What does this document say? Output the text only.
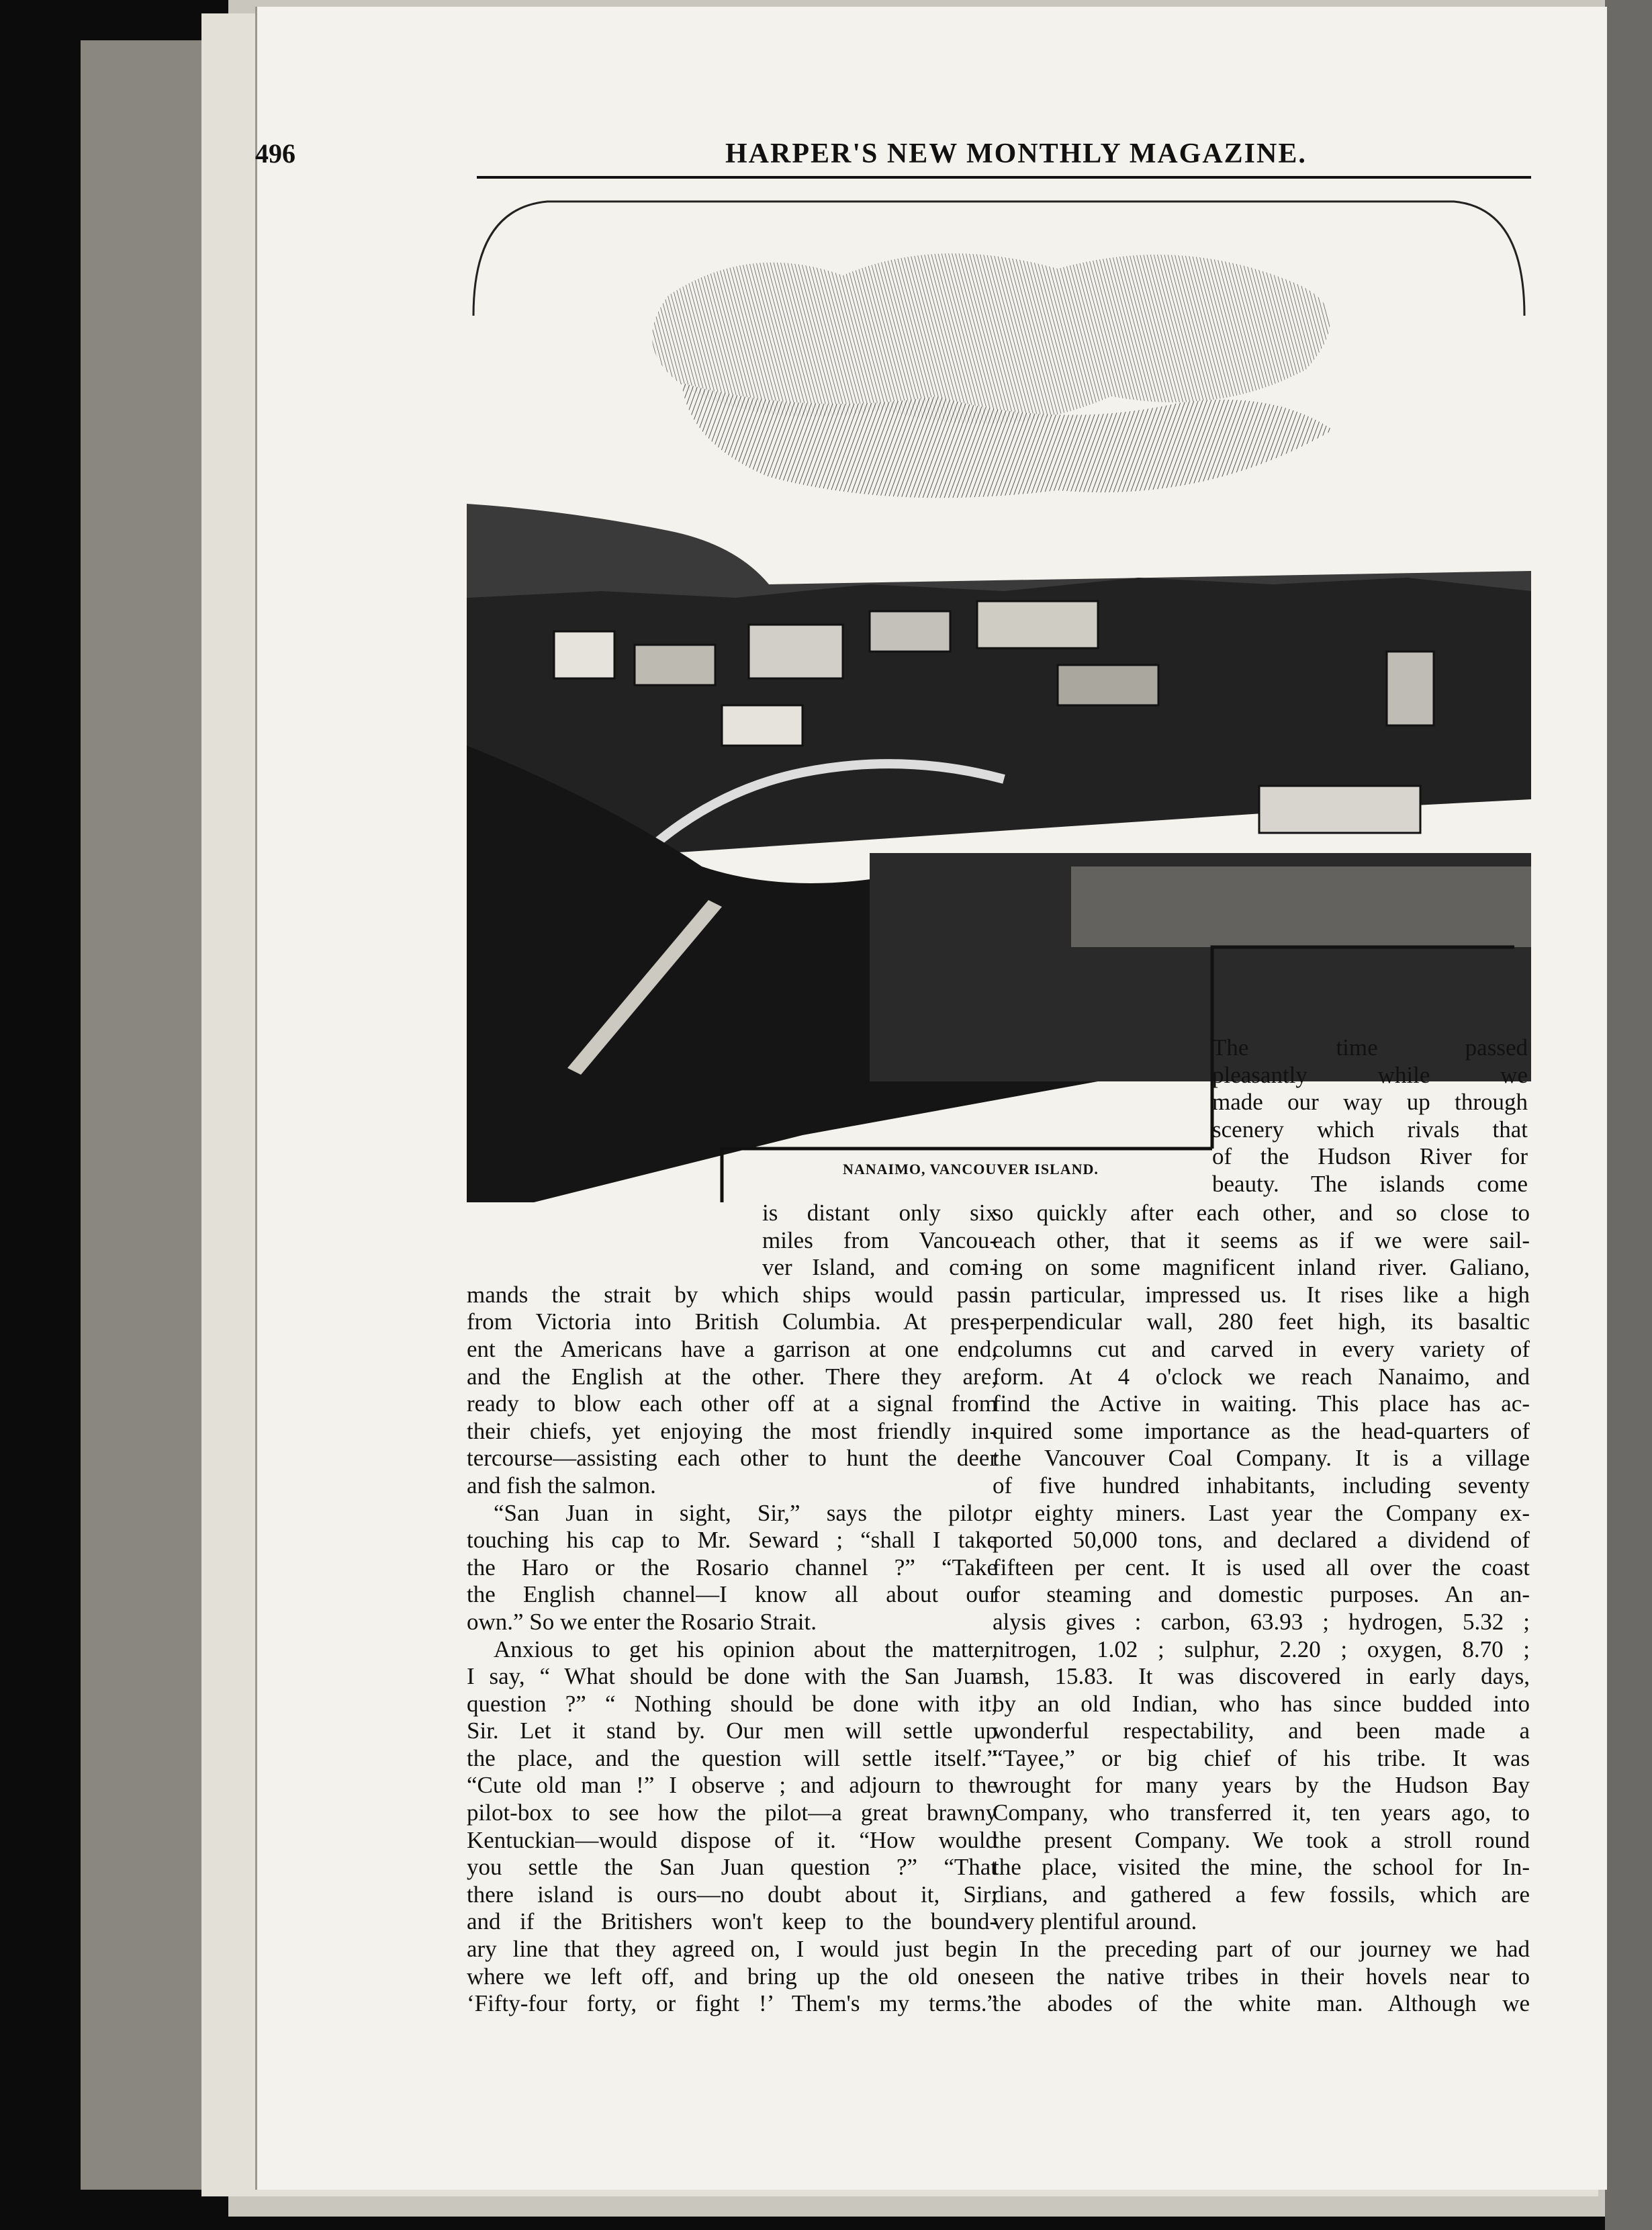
496	HARPER'S NEW MONTHLY MAGAZINE.
NANAIMO, VANCOUVER ISLAND.
The time passed
pleasantly while we
made our way up through
scenery which rivals that
of the Hudson River for
beauty. The islands come
is distant only six
miles from Vancou-
ver Island, and com-
mands the strait by which ships would pass
from Victoria into British Columbia. At pres-
ent the Americans have a garrison at one end,
and the English at the other. There they are,
ready to blow each other off at a signal from
their chiefs, yet enjoying the most friendly in-
tercourse—assisting each other to hunt the deer
and fish the salmon.
“San Juan in sight, Sir,” says the pilot,
touching his cap to Mr. Seward ; “shall I take
the Haro or the Rosario channel ?” “Take
the English channel—I know all about our
own.” So we enter the Rosario Strait.
Anxious to get his opinion about the matter,
I say, “ What should be done with the San Juan
question ?” “ Nothing should be done with it,
Sir. Let it stand by. Our men will settle up
the place, and the question will settle itself.”
“Cute old man !” I observe ; and adjourn to the
pilot-box to see how the pilot—a great brawny
Kentuckian—would dispose of it. “How would
you settle the San Juan question ?” “That
there island is ours—no doubt about it, Sir;
and if the Britishers won't keep to the bound-
ary line that they agreed on, I would just begin
where we left off, and bring up the old one.
‘Fifty-four forty, or fight !’ Them's my terms.”
so quickly after each other, and so close to
each other, that it seems as if we were sail-
ing on some magnificent inland river. Galiano,
in particular, impressed us. It rises like a high
perpendicular wall, 280 feet high, its basaltic
columns cut and carved in every variety of
form. At 4 o'clock we reach Nanaimo, and
find the Active in waiting. This place has ac-
quired some importance as the head-quarters of
the Vancouver Coal Company. It is a village
of five hundred inhabitants, including seventy
or eighty miners. Last year the Company ex-
ported 50,000 tons, and declared a dividend of
fifteen per cent. It is used all over the coast
for steaming and domestic purposes. An an-
alysis gives : carbon, 63.93 ; hydrogen, 5.32 ;
nitrogen, 1.02 ; sulphur, 2.20 ; oxygen, 8.70 ;
ash, 15.83. It was discovered in early days,
by an old Indian, who has since budded into
wonderful respectability, and been made a
“Tayee,” or big chief of his tribe. It was
wrought for many years by the Hudson Bay
Company, who transferred it, ten years ago, to
the present Company. We took a stroll round
the place, visited the mine, the school for In-
dians, and gathered a few fossils, which are
very plentiful around.
In the preceding part of our journey we had
seen the native tribes in their hovels near to
the abodes of the white man. Although we
